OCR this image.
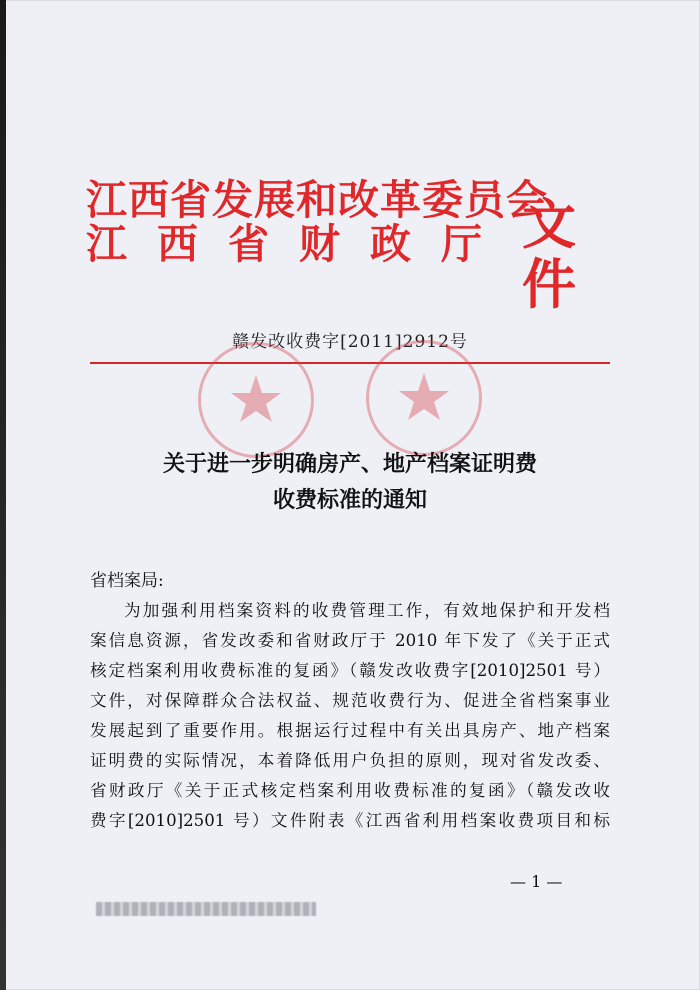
江西省发展和改革委员会
江西省财政厅 文件
赣发改收费字[2011]2912号
关于进一步明确房产、地产档案证明费
收费标准的通知
省档案局:
为加强利用档案资料的收费管理工作，有效地保护和开发档
案信息资源，省发改委和省财政厅于 2010 年下发了《关于正式
核定档案利用收费标准的复函》（赣发改收费字[2010]2501 号）
文件，对保障群众合法权益、规范收费行为、促进全省档案事业
发展起到了重要作用。根据运行过程中有关出具房产、地产档案
证明费的实际情况，本着降低用户负担的原则，现对省发改委、
省财政厅《关于正式核定档案利用收费标准的复函》（赣发改收
费字[2010]2501 号）文件附表《江西省利用档案收费项目和标
— 1 —
